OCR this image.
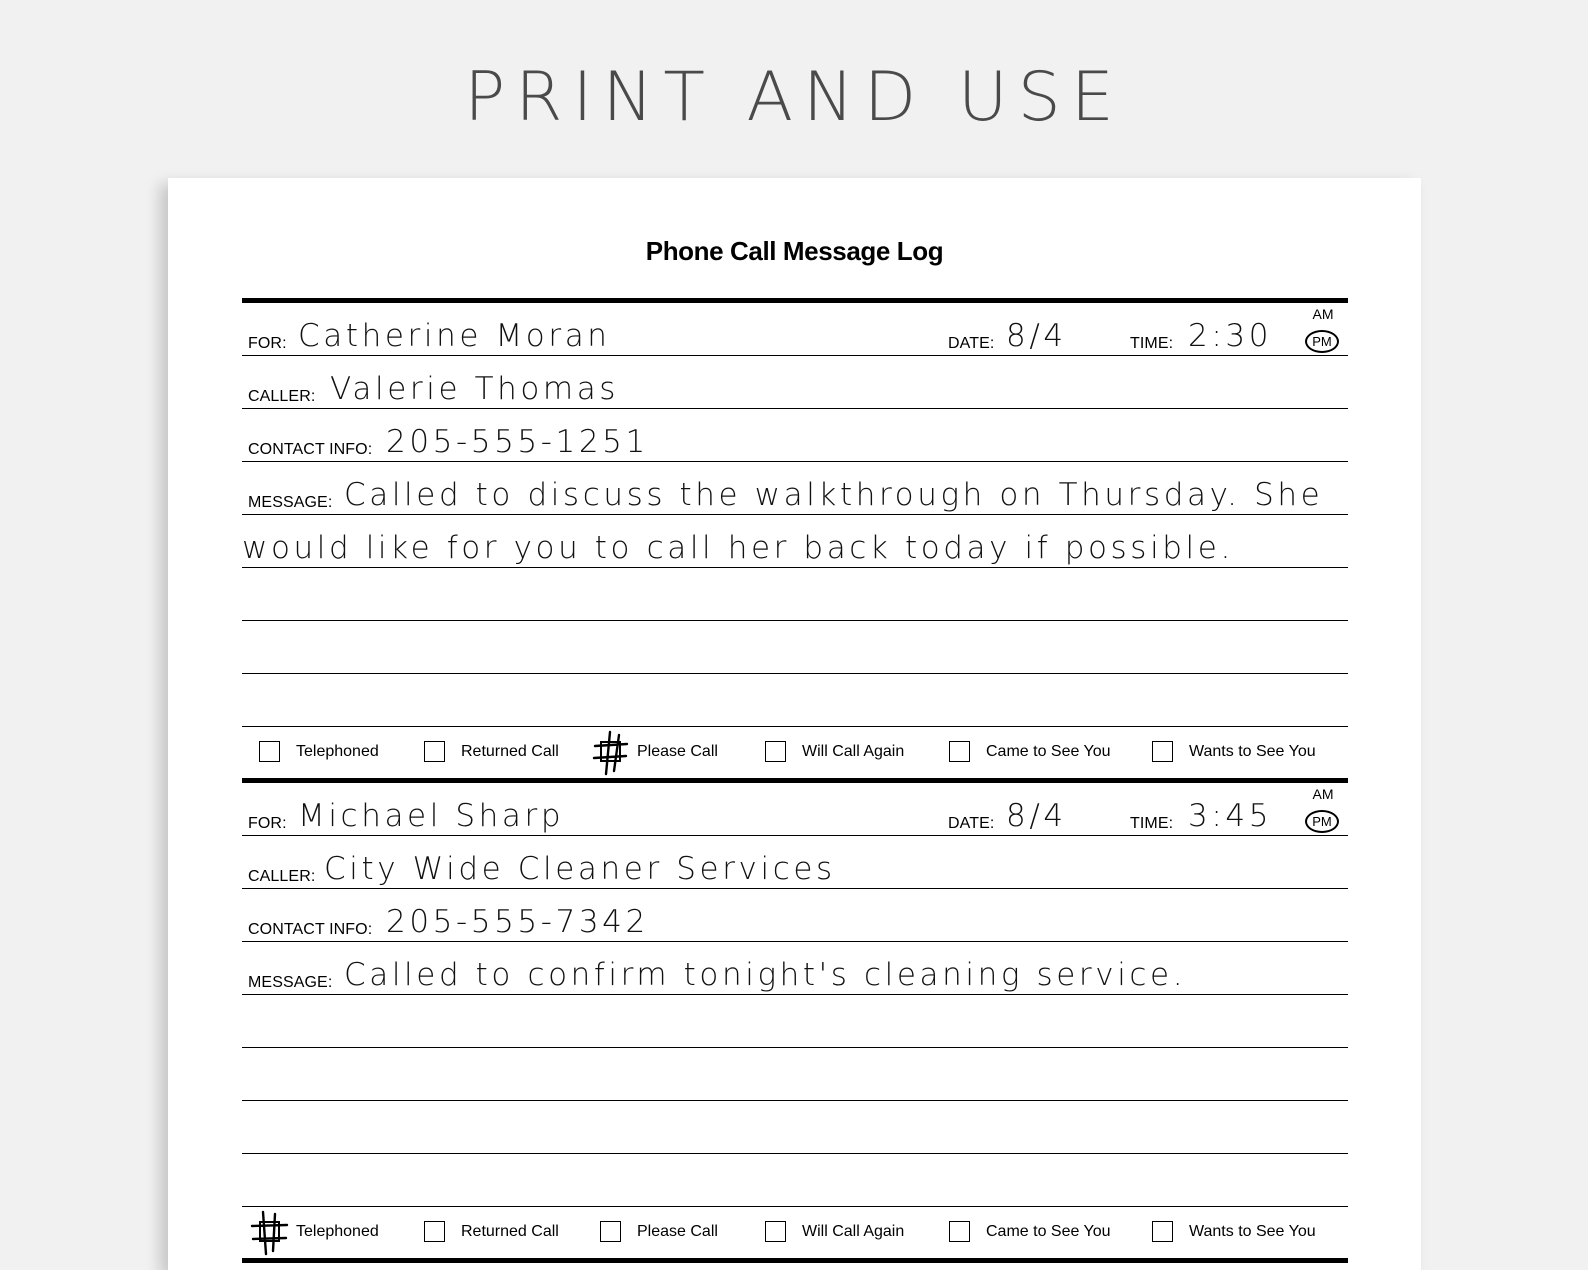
PRINT AND USE
Phone Call Message Log
FOR: Catherine Moran	DATE: 8/4	TIME: 2:30
AM
PM
CALLER: Valerie Thomas
CONTACT INFO: 205-555-1251
MESSAGE: Called to discuss the walkthrough on Thursday. She
would like for you to call her back today if possible.
Telephoned	Returned Call	Please Call	Will Call Again	Came to See You	Wants to See You
FOR: Michael Sharp	DATE: 8/4	TIME: 3:45
AM
PM
CALLER: City Wide Cleaner Services
CONTACT INFO: 205-555-7342
MESSAGE: Called to confirm tonight's cleaning service.
Telephoned	Returned Call	Please Call	Will Call Again	Came to See You	Wants to See You
